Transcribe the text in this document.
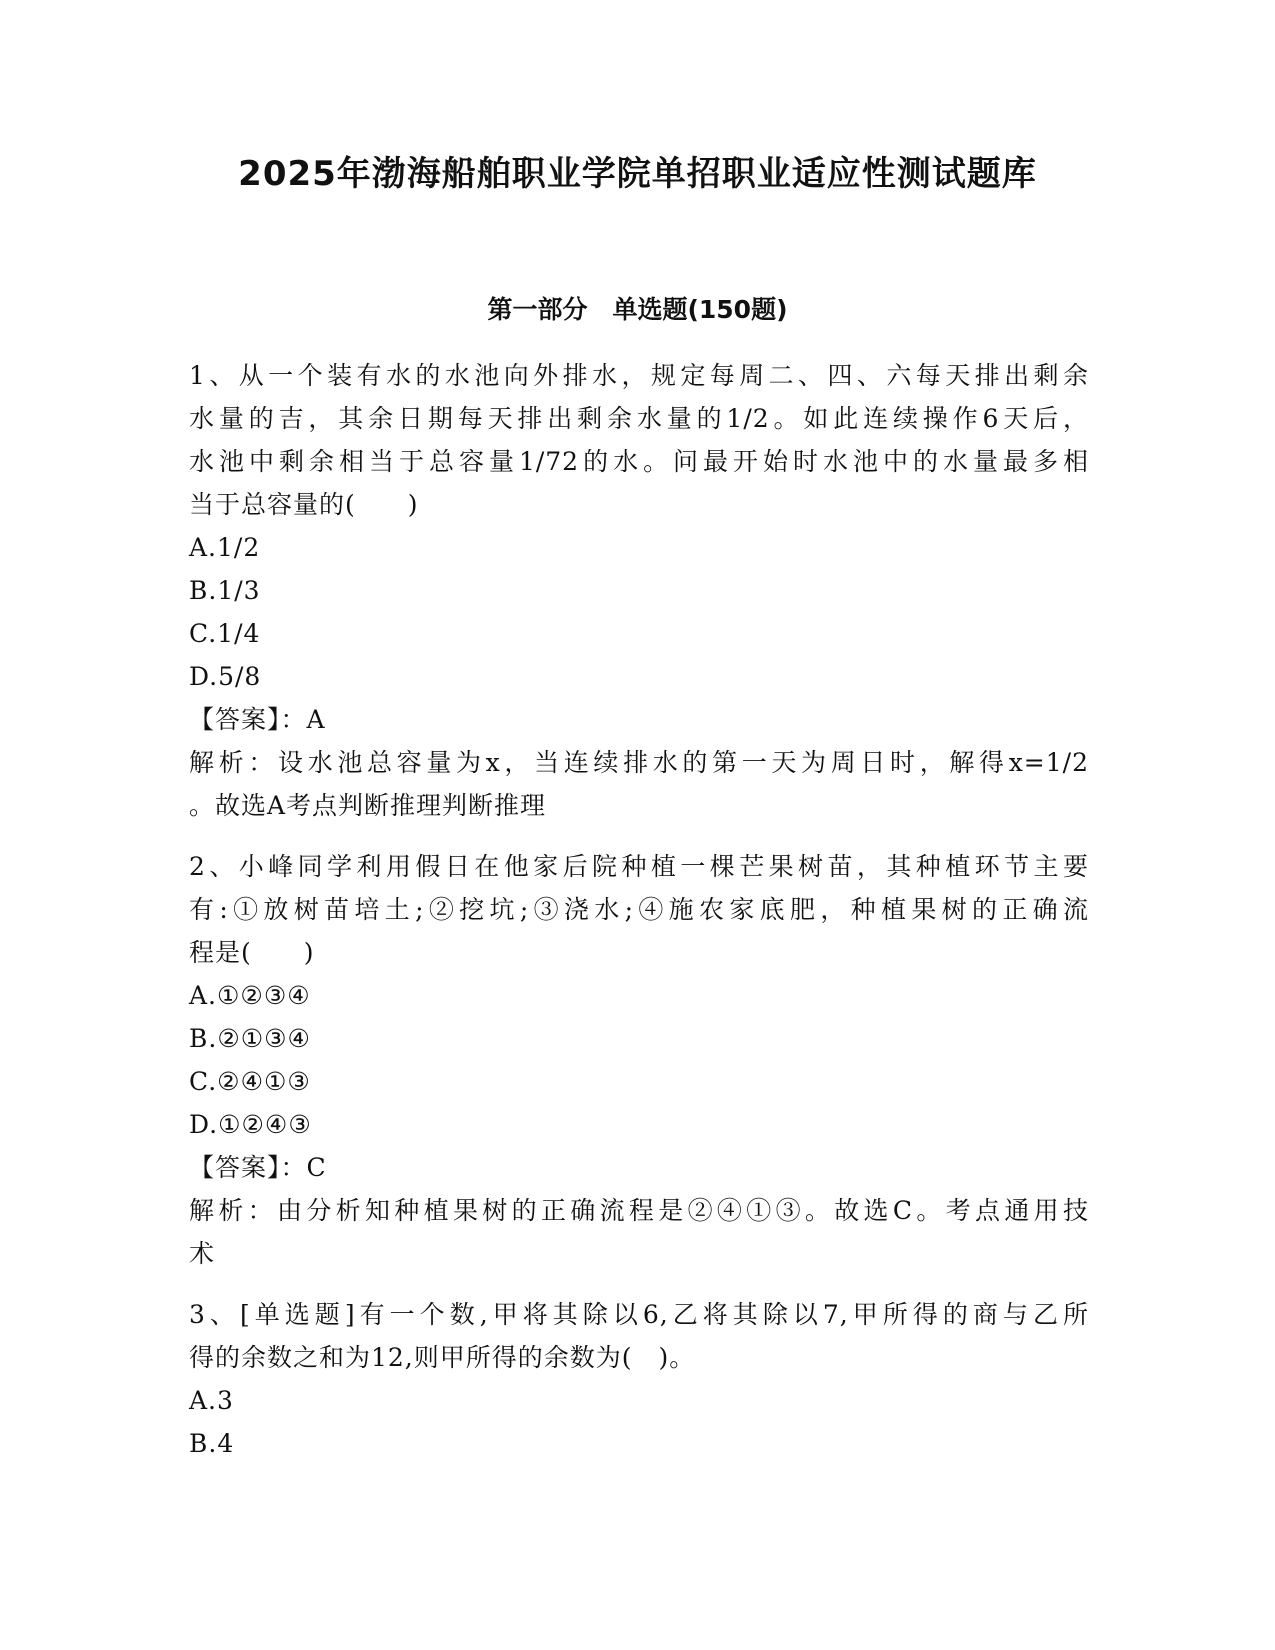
2025年渤海船舶职业学院单招职业适应性测试题库
第一部分　单选题(150题)
1、从一个装有水的水池向外排水，规定每周二、四、六每天排出剩余
水量的吉，其余日期每天排出剩余水量的1/2。如此连续操作6天后，
水池中剩余相当于总容量1/72的水。问最开始时水池中的水量最多相
当于总容量的(　　)
A.1/2
B.1/3
C.1/4
D.5/8
【答案】：A
解析：设水池总容量为x，当连续排水的第一天为周日时，解得x=1/2
。故选A考点判断推理判断推理
2、小峰同学利用假日在他家后院种植一棵芒果树苗，其种植环节主要
有:①放树苗培土;②挖坑;③浇水;④施农家底肥，种植果树的正确流
程是(　　)
A.①②③④
B.②①③④
C.②④①③
D.①②④③
【答案】：C
解析：由分析知种植果树的正确流程是②④①③。故选C。考点通用技
术
3、[单选题]有一个数,甲将其除以6,乙将其除以7,甲所得的商与乙所
得的余数之和为12,则甲所得的余数为(　)。
A.3
B.4
